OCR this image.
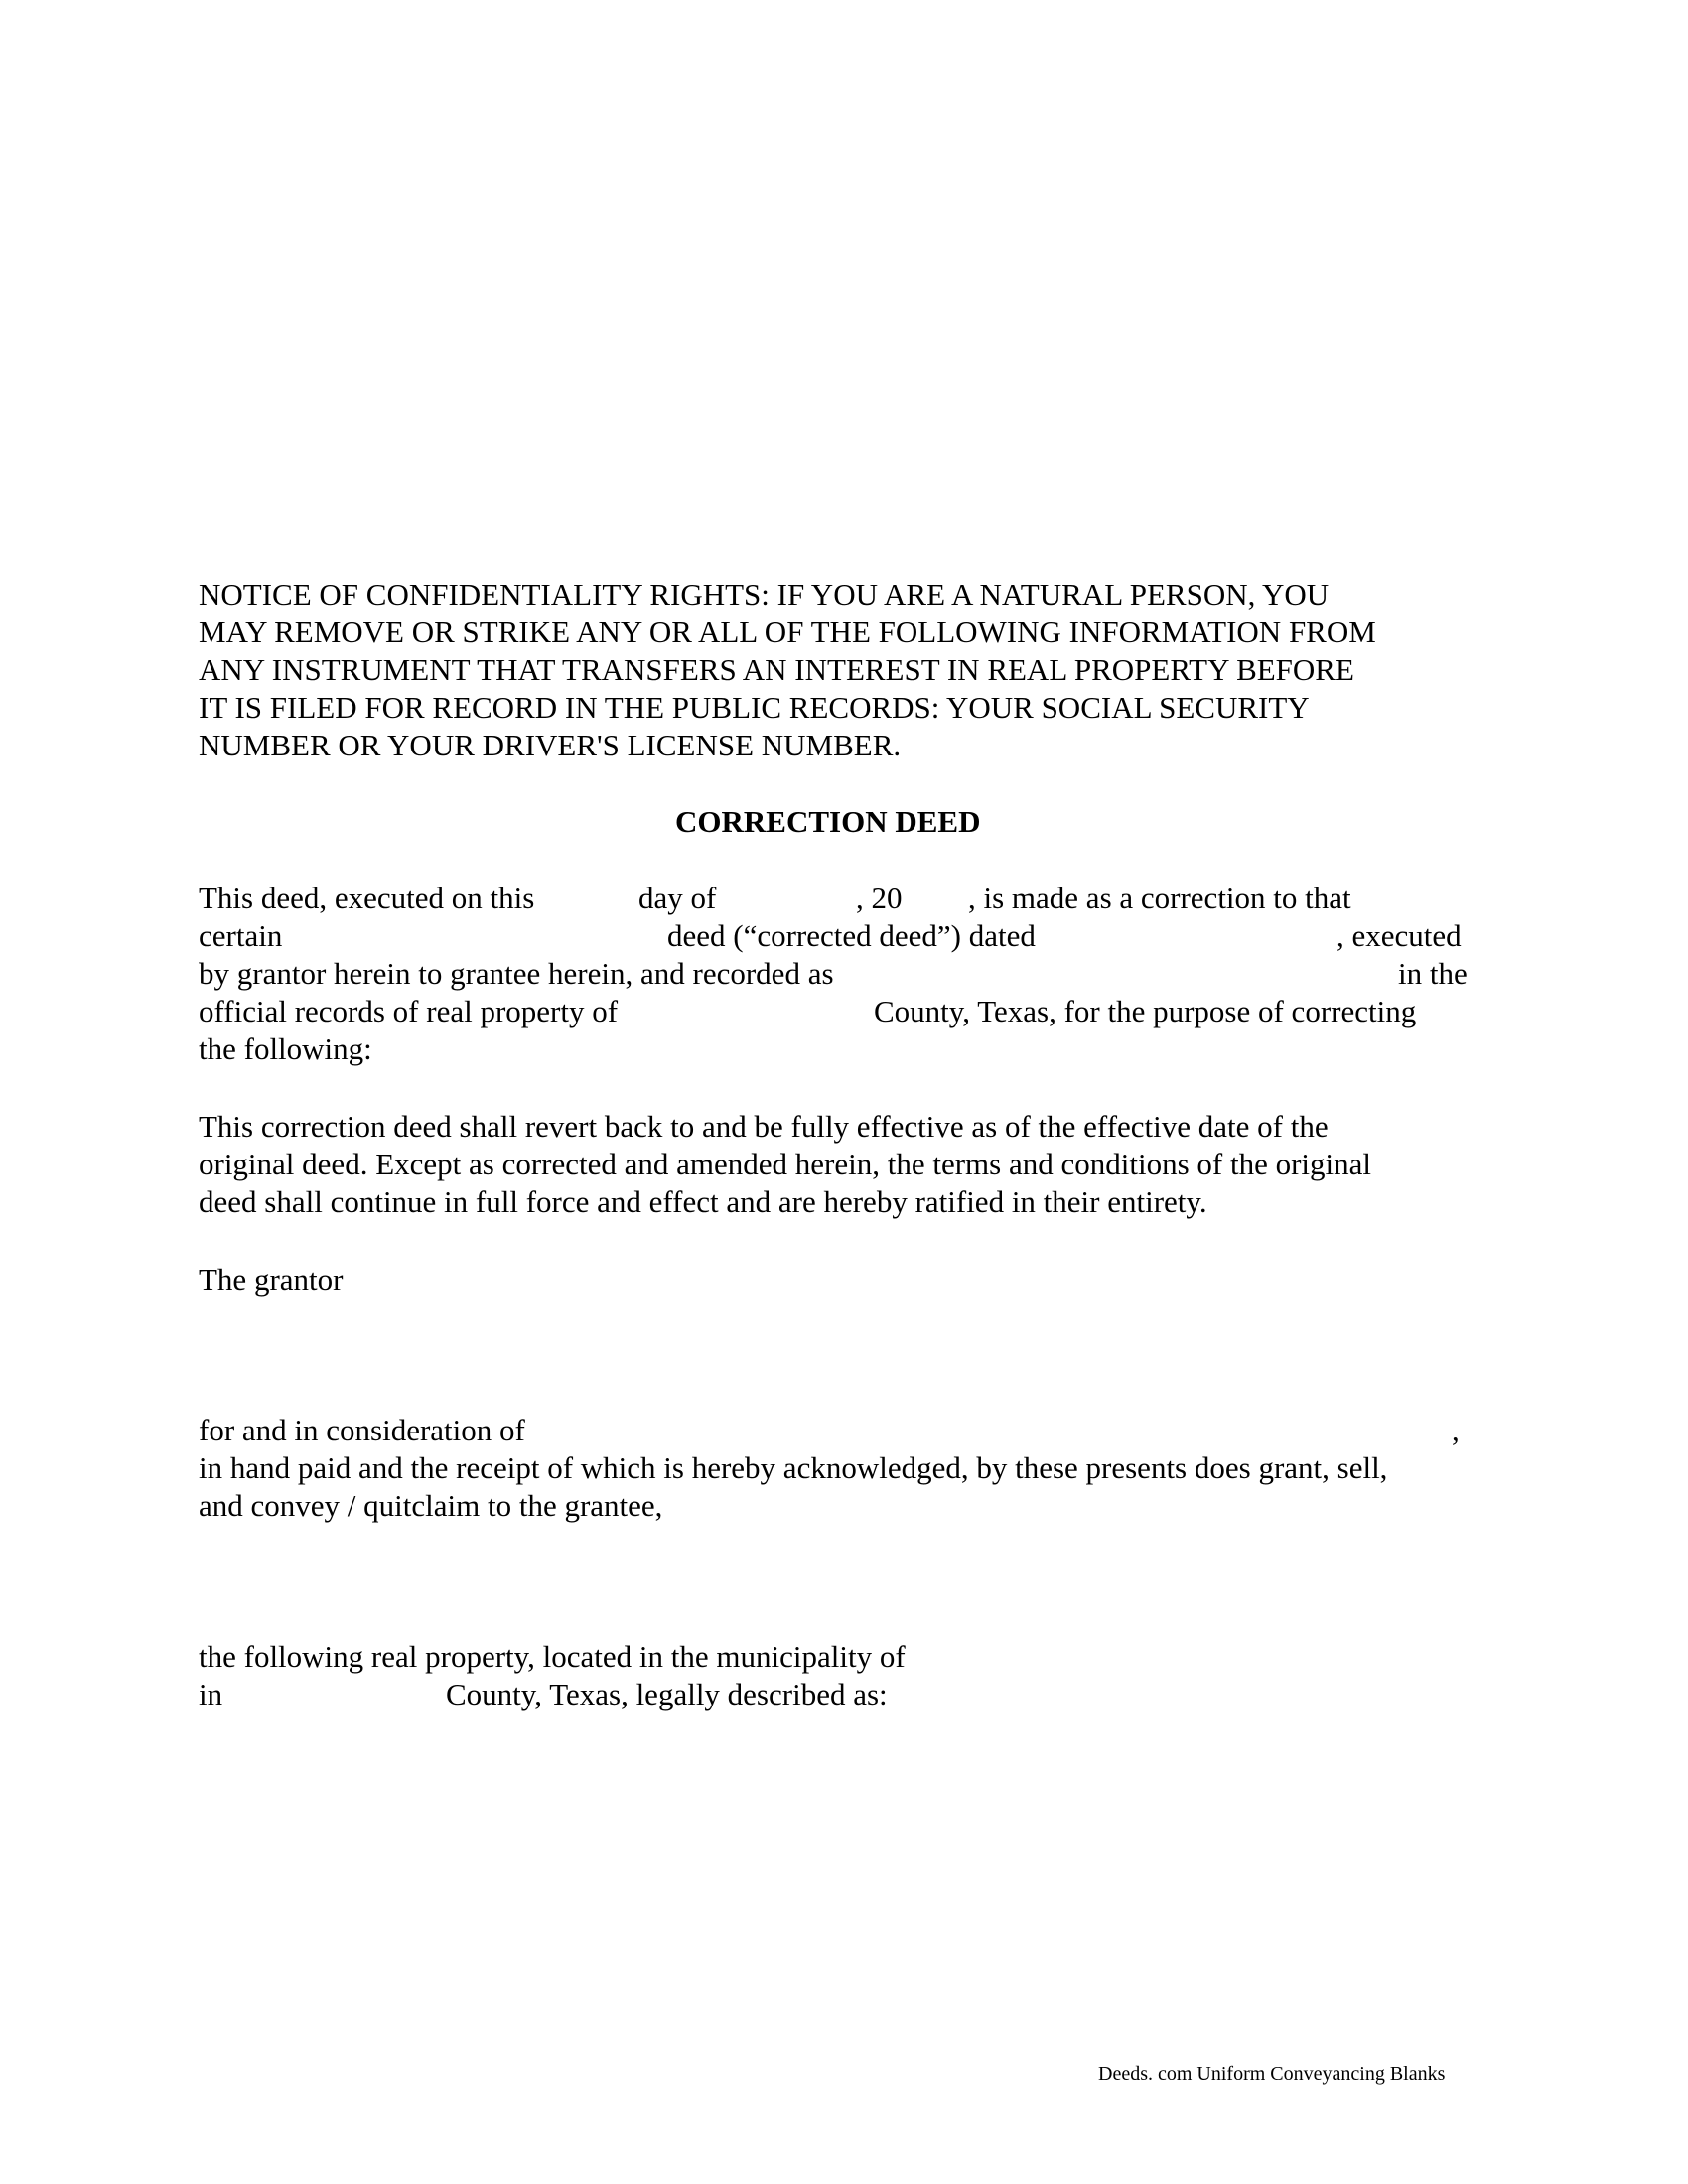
NOTICE OF CONFIDENTIALITY RIGHTS: IF YOU ARE A NATURAL PERSON, YOU
MAY REMOVE OR STRIKE ANY OR ALL OF THE FOLLOWING INFORMATION FROM
ANY INSTRUMENT THAT TRANSFERS AN INTEREST IN REAL PROPERTY BEFORE
IT IS FILED FOR RECORD IN THE PUBLIC RECORDS: YOUR SOCIAL SECURITY
NUMBER OR YOUR DRIVER'S LICENSE NUMBER.
CORRECTION DEED
This deed, executed on this	day of	, 20 , is made as a correction to that
certain	deed (“corrected deed”) dated	, executed
by grantor herein to grantee herein, and recorded as	in the
official records of real property of	County, Texas, for the purpose of correcting
the following:
This correction deed shall revert back to and be fully effective as of the effective date of the
original deed. Except as corrected and amended herein, the terms and conditions of the original
deed shall continue in full force and effect and are hereby ratified in their entirety.
The grantor
for and in consideration of	,
in hand paid and the receipt of which is hereby acknowledged, by these presents does grant, sell,
and convey / quitclaim to the grantee,
the following real property, located in the municipality of
in	County, Texas, legally described as:
Deeds. com Uniform Conveyancing Blanks
